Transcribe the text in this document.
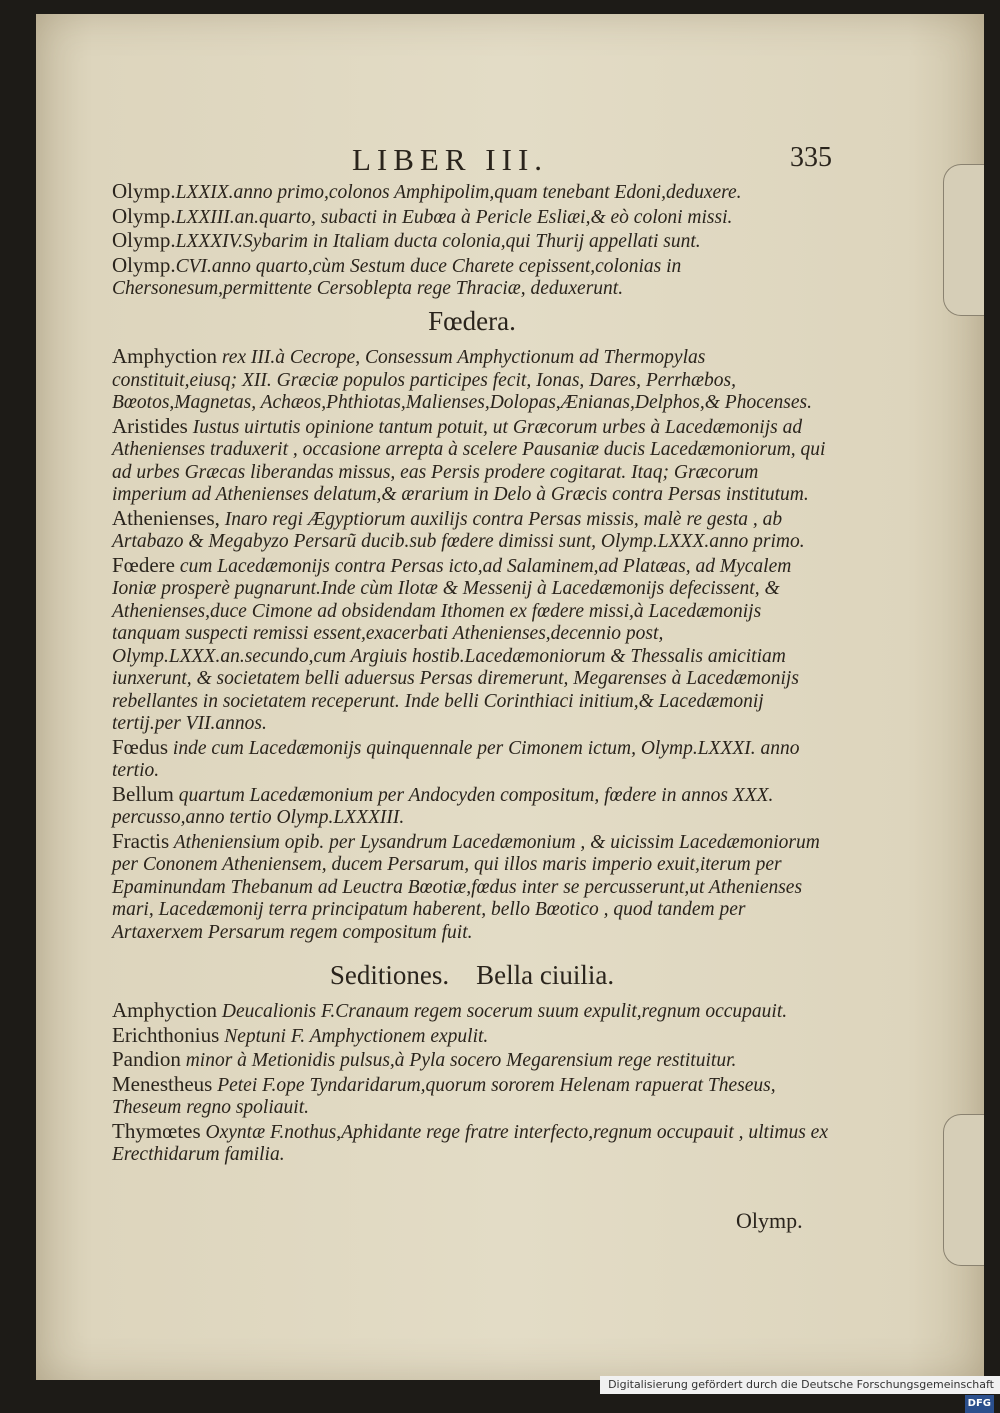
LIBER III.	335

Olymp.LXXIX.anno primo,colonos Amphipolim,quam tenebant Edoni,deduxere.

Olymp.LXXIII.an.quarto, subacti in Eubœa à Pericle Esliæi,& eò coloni missi.

Olymp.LXXXIV.Sybarim in Italiam ducta colonia,qui Thurij appellati sunt.

Olymp.CVI.anno quarto,cùm Sestum duce Charete cepissent,colonias in Chersonesum,permittente Cersoblepta rege Thraciæ, deduxerunt.

Fœdera.

Amphyction rex III.à Cecrope, Consessum Amphyctionum ad Thermopylas constituit,eiusq; XII. Græciæ populos participes fecit, Ionas, Dares, Perrhæbos, Bœotos,Magnetas, Achæos,Phthiotas,Malienses,Dolopas,Ænianas,Delphos,& Phocenses.

Aristides Iustus uirtutis opinione tantum potuit, ut Græcorum urbes à Lacedæmonijs ad Athenienses traduxerit , occasione arrepta à scelere Pausaniæ ducis Lacedæmoniorum, qui ad urbes Græcas liberandas missus, eas Persis prodere cogitarat. Itaq; Græcorum imperium ad Athenienses delatum,& ærarium in Delo à Græcis contra Persas institutum.

Athenienses, Inaro regi Ægyptiorum auxilijs contra Persas missis, malè re gesta , ab Artabazo & Megabyzo Persarũ ducib.sub fœdere dimissi sunt, Olymp.LXXX.anno primo.

Fœdere cum Lacedæmonijs contra Persas icto,ad Salaminem,ad Platæas, ad Mycalem Ioniæ prosperè pugnarunt.Inde cùm Ilotæ & Messenij à Lacedæmonijs defecissent, & Athenienses,duce Cimone ad obsidendam Ithomen ex fœdere missi,à Lacedæmonijs tanquam suspecti remissi essent,exacerbati Athenienses,decennio post, Olymp.LXXX.an.secundo,cum Argiuis hostib.Lacedæmoniorum & Thessalis amicitiam iunxerunt, & societatem belli aduersus Persas diremerunt, Megarenses à Lacedæmonijs rebellantes in societatem receperunt. Inde belli Corinthiaci initium,& Lacedæmonij tertij.per VII.annos.

Fœdus inde cum Lacedæmonijs quinquennale per Cimonem ictum, Olymp.LXXXI. anno tertio.

Bellum quartum Lacedæmonium per Andocyden compositum, fœdere in annos XXX. percusso,anno tertio Olymp.LXXXIII.

Fractis Atheniensium opib. per Lysandrum Lacedæmonium , & uicissim Lacedæmoniorum per Cononem Atheniensem, ducem Persarum, qui illos maris imperio exuit,iterum per Epaminundam Thebanum ad Leuctra Bœotiæ,fœdus inter se percusserunt,ut Athenienses mari, Lacedæmonij terra principatum haberent, bello Bœotico , quod tandem per Artaxerxem Persarum regem compositum fuit.

Seditiones.    Bella ciuilia.

Amphyction Deucalionis F.Cranaum regem socerum suum expulit,regnum occupauit.

Erichthonius Neptuni F. Amphyctionem expulit.

Pandion minor à Metionidis pulsus,à Pyla socero Megarensium rege restituitur.

Menestheus Petei F.ope Tyndaridarum,quorum sororem Helenam rapuerat Theseus, Theseum regno spoliauit.

Thymœtes Oxyntæ F.nothus,Aphidante rege fratre interfecto,regnum occupauit , ultimus ex Erecthidarum familia.

Olymp.
Digitalisierung gefördert durch die Deutsche Forschungsgemeinschaft DFG
